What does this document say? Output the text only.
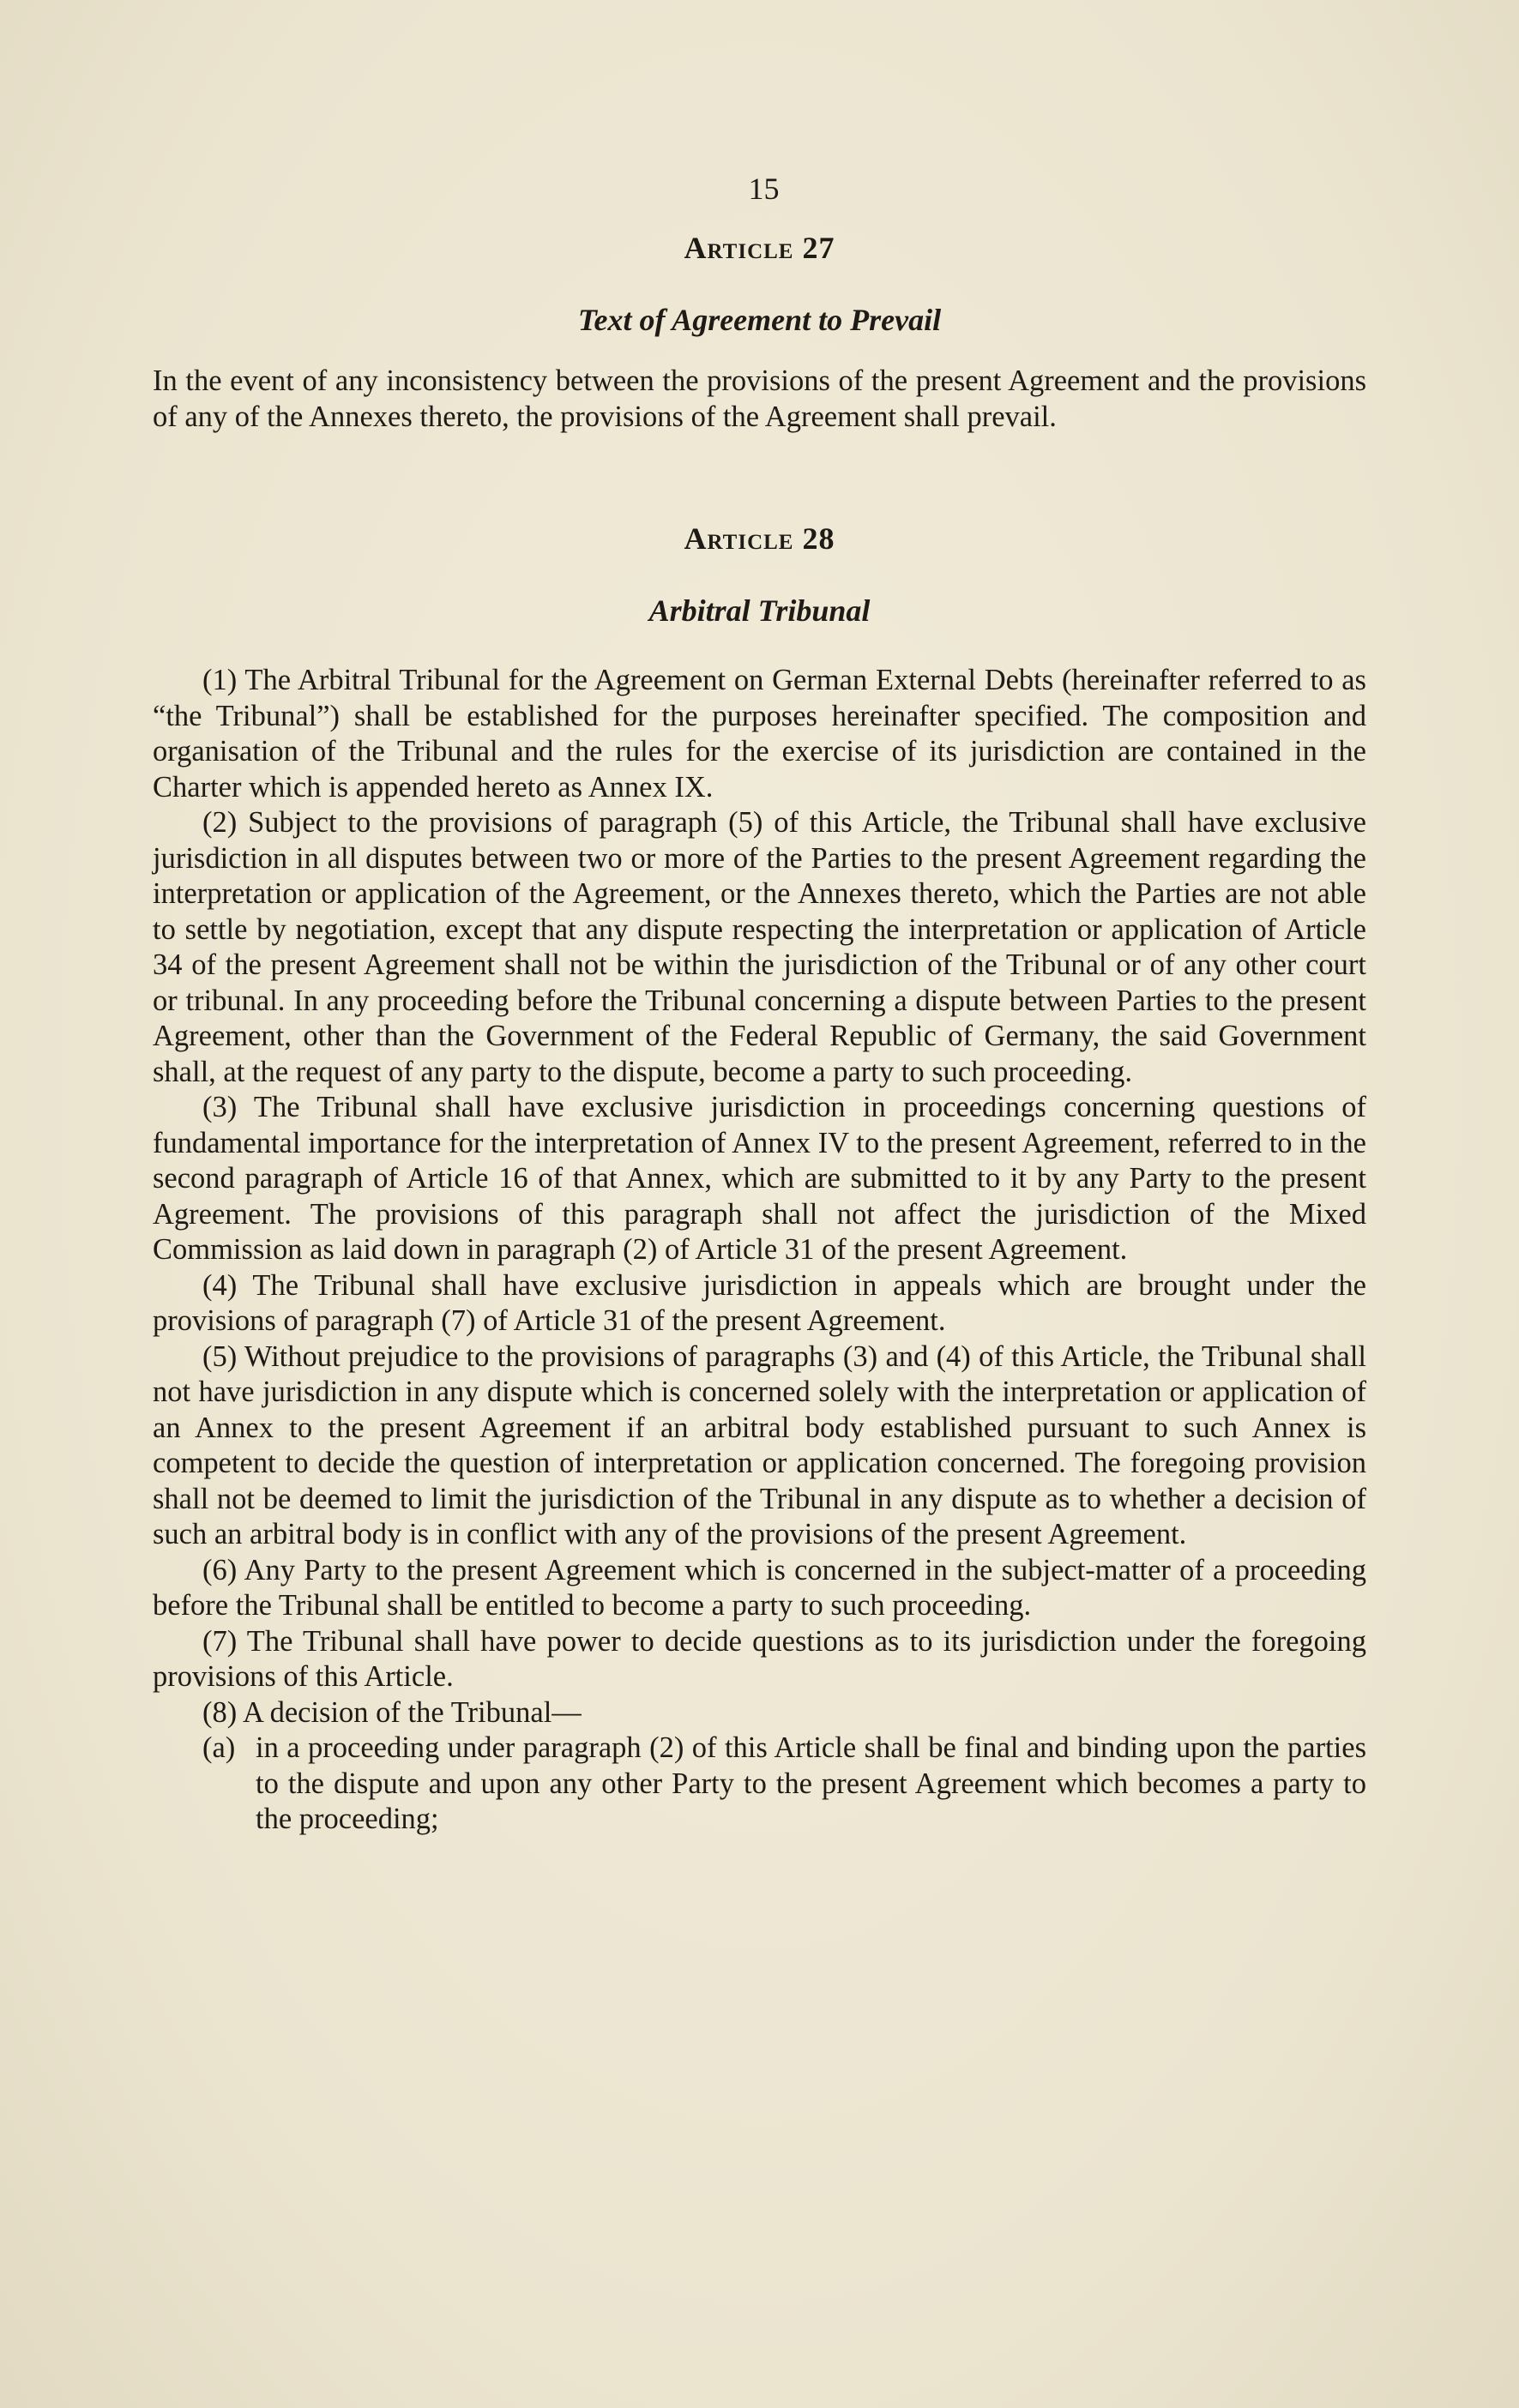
15

Article 27
Text of Agreement to Prevail

In the event of any inconsistency between the provisions of the present Agreement and the provisions of any of the Annexes thereto, the provisions of the Agreement shall prevail.

Article 28
Arbitral Tribunal

(1) The Arbitral Tribunal for the Agreement on German External Debts (hereinafter referred to as “the Tribunal”) shall be established for the purposes hereinafter specified. The composition and organisation of the Tribunal and the rules for the exercise of its jurisdiction are contained in the Charter which is appended hereto as Annex IX.

(2) Subject to the provisions of paragraph (5) of this Article, the Tribunal shall have exclusive jurisdiction in all disputes between two or more of the Parties to the present Agreement regarding the interpretation or application of the Agreement, or the Annexes thereto, which the Parties are not able to settle by negotiation, except that any dispute respecting the interpretation or application of Article 34 of the present Agreement shall not be within the jurisdiction of the Tribunal or of any other court or tribunal. In any proceeding before the Tribunal concerning a dispute between Parties to the present Agreement, other than the Government of the Federal Republic of Germany, the said Government shall, at the request of any party to the dispute, become a party to such proceeding.

(3) The Tribunal shall have exclusive jurisdiction in proceedings concerning questions of fundamental importance for the interpretation of Annex IV to the present Agreement, referred to in the second paragraph of Article 16 of that Annex, which are submitted to it by any Party to the present Agreement. The provisions of this paragraph shall not affect the jurisdiction of the Mixed Commission as laid down in paragraph (2) of Article 31 of the present Agreement.

(4) The Tribunal shall have exclusive jurisdiction in appeals which are brought under the provisions of paragraph (7) of Article 31 of the present Agreement.

(5) Without prejudice to the provisions of paragraphs (3) and (4) of this Article, the Tribunal shall not have jurisdiction in any dispute which is concerned solely with the interpretation or application of an Annex to the present Agreement if an arbitral body established pursuant to such Annex is competent to decide the question of interpretation or application concerned. The foregoing provision shall not be deemed to limit the jurisdiction of the Tribunal in any dispute as to whether a decision of such an arbitral body is in conflict with any of the provisions of the present Agreement.

(6) Any Party to the present Agreement which is concerned in the subject-matter of a proceeding before the Tribunal shall be entitled to become a party to such proceeding.

(7) The Tribunal shall have power to decide questions as to its jurisdiction under the foregoing provisions of this Article.

(8) A decision of the Tribunal—

(a) in a proceeding under paragraph (2) of this Article shall be final and binding upon the parties to the dispute and upon any other Party to the present Agreement which becomes a party to the proceeding;
